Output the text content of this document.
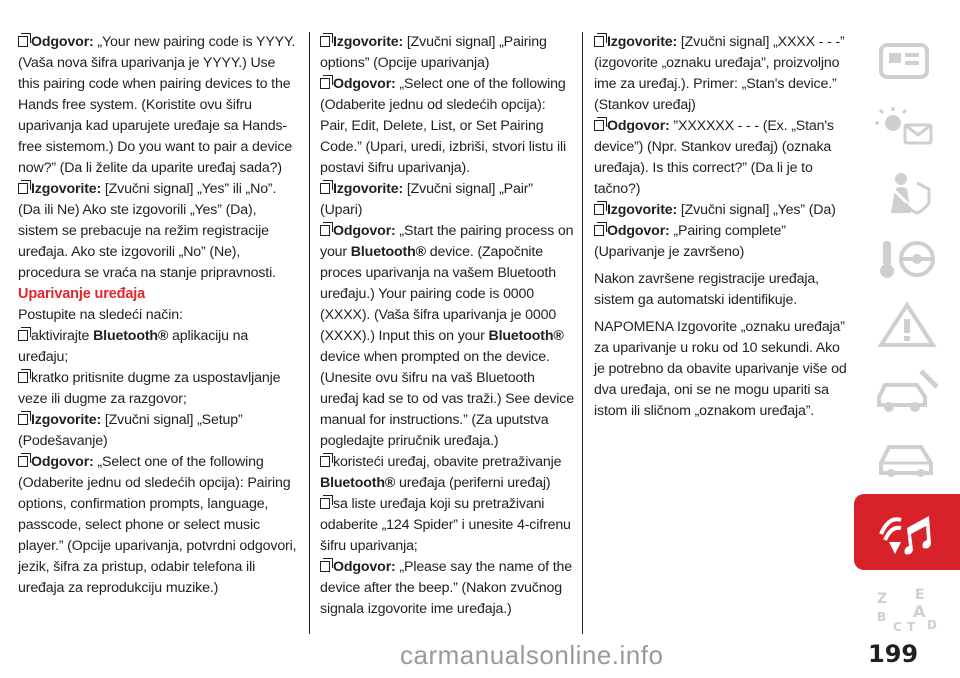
Odgovor: „Your new pairing code is YYYY. (Vaša nova šifra uparivanja je YYYY.) Use this pairing code when pairing devices to the Hands free system. (Koristite ovu šifru uparivanja kad uparujete uređaje sa Hands-free sistemom.) Do you want to pair a device now?” (Da li želite da uparite uređaj sada?)

Izgovorite: [Zvučni signal] „Yes” ili „No”. (Da ili Ne) Ako ste izgovorili „Yes” (Da), sistem se prebacuje na režim registracije uređaja. Ako ste izgovorili „No” (Ne), procedura se vraća na stanje pripravnosti.

Uparivanje uređaja

Postupite na sledeći način:

aktivirajte Bluetooth® aplikaciju na uređaju;

kratko pritisnite dugme za uspostavljanje veze ili dugme za razgovor;

Izgovorite: [Zvučni signal] „Setup” (Podešavanje)

Odgovor: „Select one of the following (Odaberite jednu od sledećih opcija): Pairing options, confirmation prompts, language, passcode, select phone or select music player.” (Opcije uparivanja, potvrdni odgovori, jezik, šifra za pristup, odabir telefona ili uređaja za reprodukciju muzike.)

Izgovorite: [Zvučni signal] „Pairing options” (Opcije uparivanja)

Odgovor: „Select one of the following (Odaberite jednu od sledećih opcija): Pair, Edit, Delete, List, or Set Pairing Code.” (Upari, uredi, izbriši, stvori listu ili postavi šifru uparivanja).

Izgovorite: [Zvučni signal] „Pair” (Upari)

Odgovor: „Start the pairing process on your Bluetooth® device. (Započnite proces uparivanja na vašem Bluetooth uređaju.) Your pairing code is 0000 (XXXX). (Vaša šifra uparivanja je 0000 (XXXX).) Input this on your Bluetooth® device when prompted on the device. (Unesite ovu šifru na vaš Bluetooth uređaj kad se to od vas traži.) See device manual for instructions.” (Za uputstva pogledajte priručnik uređaja.)

koristeći uređaj, obavite pretraživanje Bluetooth® uređaja (periferni uređaj)

sa liste uređaja koji su pretraživani odaberite „124 Spider” i unesite 4-cifrenu šifru uparivanja;

Odgovor: „Please say the name of the device after the beep.” (Nakon zvučnog signala izgovorite ime uređaja.)

Izgovorite: [Zvučni signal] „XXXX - - -” (izgovorite „oznaku uređaja”, proizvoljno ime za uređaj.). Primer: „Stan's device.” (Stankov uređaj)

Odgovor: ”XXXXXX - - - (Ex. „Stan's device”) (Npr. Stankov uređaj) (oznaka uređaja). Is this correct?” (Da li je to tačno?)

Izgovorite: [Zvučni signal] „Yes” (Da)

Odgovor: „Pairing complete” (Uparivanje je završeno)

Nakon završene registracije uređaja, sistem ga automatski identifikuje.

NAPOMENA Izgovorite „oznaku uređaja” za uparivanje u roku od 10 sekundi. Ako je potrebno da obavite uparivanje više od dva uređaja, oni se ne mogu upariti sa istom ili sličnom „oznakom uređaja”.

Z E
B A
C T D
199
carmanualsonline.info
